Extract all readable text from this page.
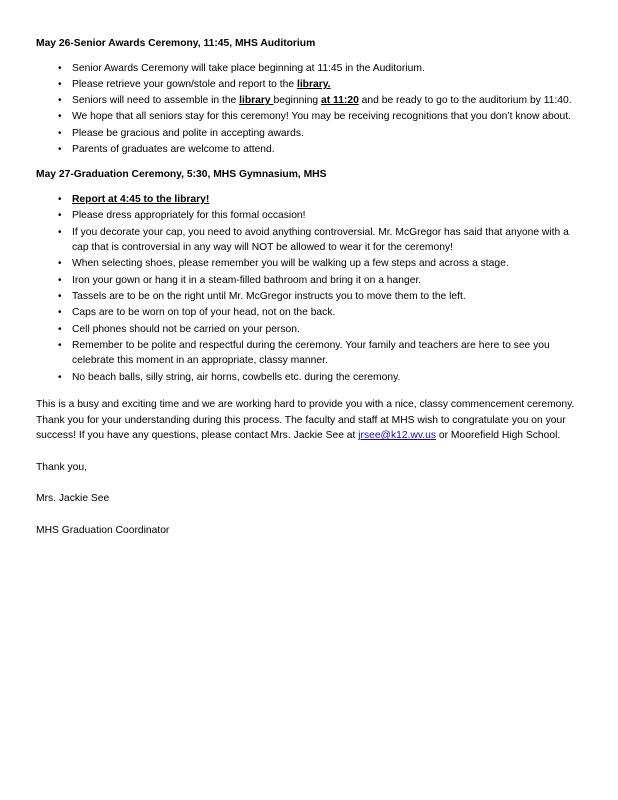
May 26-Senior Awards Ceremony, 11:45, MHS Auditorium
• Senior Awards Ceremony will take place beginning at 11:45 in the Auditorium.
• Please retrieve your gown/stole and report to the library.
• Seniors will need to assemble in the library beginning at 11:20 and be ready to go to the auditorium by 11:40.
• We hope that all seniors stay for this ceremony! You may be receiving recognitions that you don’t know about.
• Please be gracious and polite in accepting awards.
• Parents of graduates are welcome to attend.
May 27-Graduation Ceremony, 5:30, MHS Gymnasium, MHS
• Report at 4:45 to the library!
• Please dress appropriately for this formal occasion!
• If you decorate your cap, you need to avoid anything controversial. Mr. McGregor has said that anyone with a cap that is controversial in any way will NOT be allowed to wear it for the ceremony!
• When selecting shoes, please remember you will be walking up a few steps and across a stage.
• Iron your gown or hang it in a steam-filled bathroom and bring it on a hanger.
• Tassels are to be on the right until Mr. McGregor instructs you to move them to the left.
• Caps are to be worn on top of your head, not on the back.
• Cell phones should not be carried on your person.
• Remember to be polite and respectful during the ceremony. Your family and teachers are here to see you celebrate this moment in an appropriate, classy manner.
• No beach balls, silly string, air horns, cowbells etc. during the ceremony.

This is a busy and exciting time and we are working hard to provide you with a nice, classy commencement ceremony. Thank you for your understanding during this process. The faculty and staff at MHS wish to congratulate you on your success! If you have any questions, please contact Mrs. Jackie See at jrsee@k12.wv.us or Moorefield High School.

Thank you,

Mrs. Jackie See

MHS Graduation Coordinator
